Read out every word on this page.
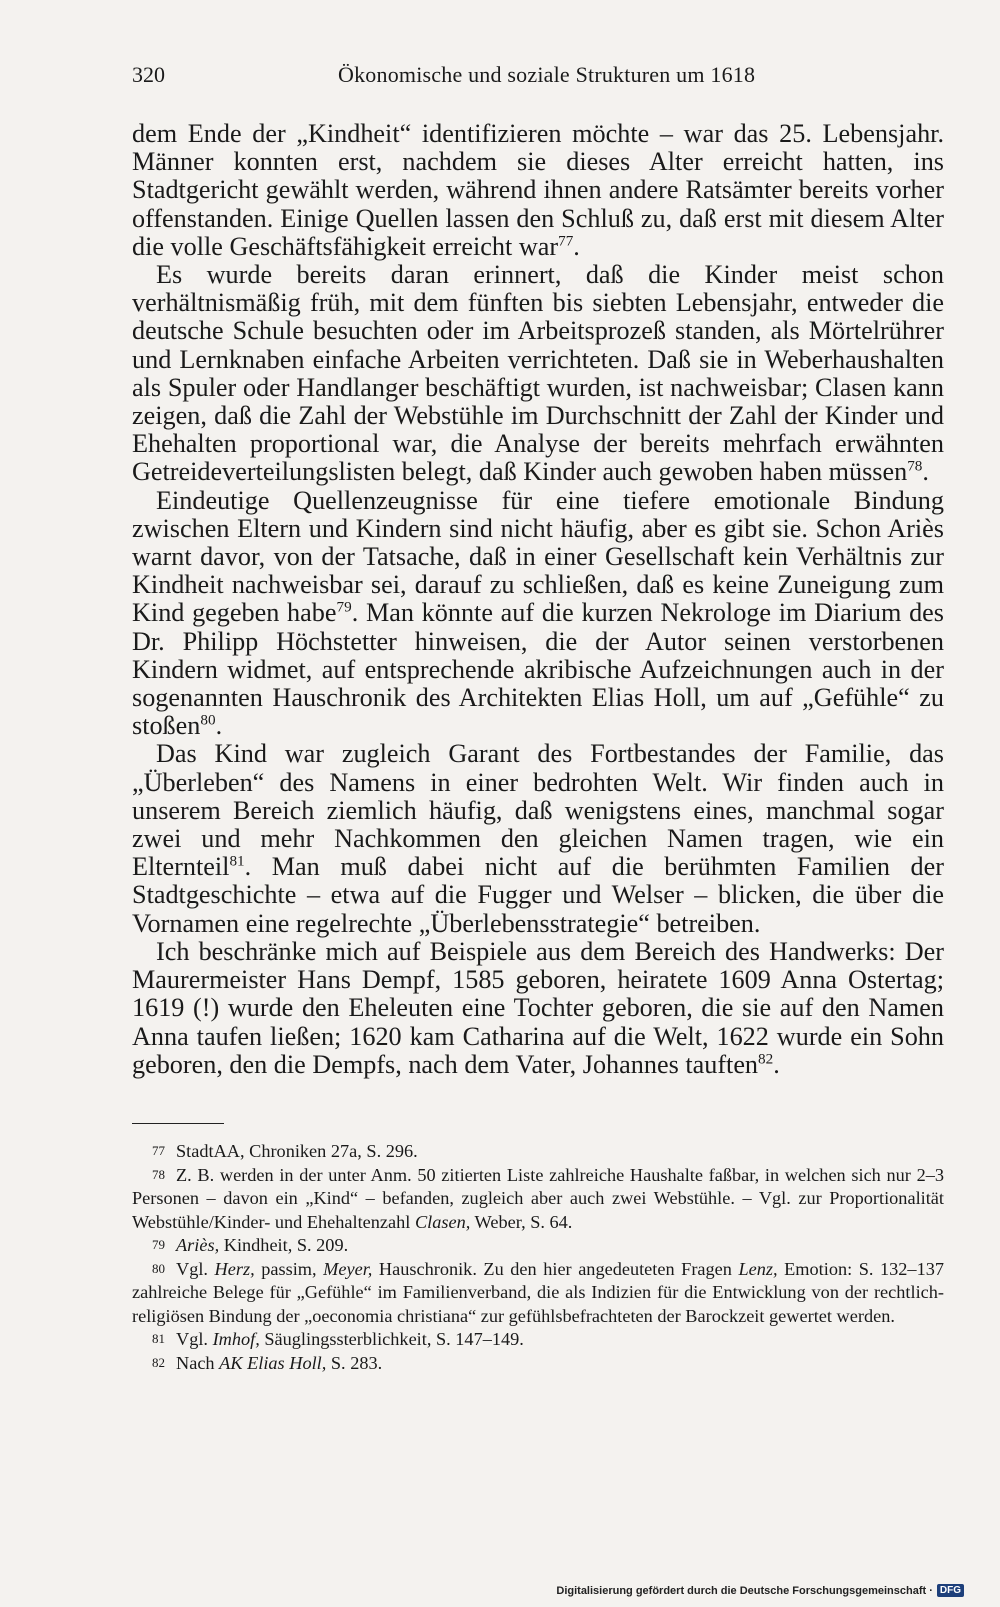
320	Ökonomische und soziale Strukturen um 1618

dem Ende der „Kindheit“ identifizieren möchte – war das 25. Lebensjahr. Männer konnten erst, nachdem sie dieses Alter erreicht hatten, ins Stadtgericht gewählt werden, während ihnen andere Ratsämter bereits vorher offenstanden. Einige Quellen lassen den Schluß zu, daß erst mit diesem Alter die volle Geschäftsfähigkeit erreicht war$^{77}$.

Es wurde bereits daran erinnert, daß die Kinder meist schon verhältnismäßig früh, mit dem fünften bis siebten Lebensjahr, entweder die deutsche Schule besuchten oder im Arbeitsprozeß standen, als Mörtelrührer und Lernknaben einfache Arbeiten verrichteten. Daß sie in Weberhaushalten als Spuler oder Handlanger beschäftigt wurden, ist nachweisbar; Clasen kann zeigen, daß die Zahl der Webstühle im Durchschnitt der Zahl der Kinder und Ehehalten proportional war, die Analyse der bereits mehrfach erwähnten Getreideverteilungslisten belegt, daß Kinder auch gewoben haben müssen$^{78}$.

Eindeutige Quellenzeugnisse für eine tiefere emotionale Bindung zwischen Eltern und Kindern sind nicht häufig, aber es gibt sie. Schon Ariès warnt davor, von der Tatsache, daß in einer Gesellschaft kein Verhältnis zur Kindheit nachweisbar sei, darauf zu schließen, daß es keine Zuneigung zum Kind gegeben habe$^{79}$. Man könnte auf die kurzen Nekrologe im Diarium des Dr. Philipp Höchstetter hinweisen, die der Autor seinen verstorbenen Kindern widmet, auf entsprechende akribische Aufzeichnungen auch in der sogenannten Hauschronik des Architekten Elias Holl, um auf „Gefühle“ zu stoßen$^{80}$.

Das Kind war zugleich Garant des Fortbestandes der Familie, das „Überleben“ des Namens in einer bedrohten Welt. Wir finden auch in unserem Bereich ziemlich häufig, daß wenigstens eines, manchmal sogar zwei und mehr Nachkommen den gleichen Namen tragen, wie ein Elternteil$^{81}$. Man muß dabei nicht auf die berühmten Familien der Stadtgeschichte – etwa auf die Fugger und Welser – blicken, die über die Vornamen eine regelrechte „Überlebensstrategie“ betreiben.

Ich beschränke mich auf Beispiele aus dem Bereich des Handwerks: Der Maurermeister Hans Dempf, 1585 geboren, heiratete 1609 Anna Ostertag; 1619 (!) wurde den Eheleuten eine Tochter geboren, die sie auf den Namen Anna taufen ließen; 1620 kam Catharina auf die Welt, 1622 wurde ein Sohn geboren, den die Dempfs, nach dem Vater, Johannes tauften$^{82}$.

77 StadtAA, Chroniken 27a, S. 296.

78 Z. B. werden in der unter Anm. 50 zitierten Liste zahlreiche Haushalte faßbar, in welchen sich nur 2–3 Personen – davon ein „Kind“ – befanden, zugleich aber auch zwei Webstühle. – Vgl. zur Proportionalität Webstühle/Kinder- und Ehehaltenzahl Clasen, Weber, S. 64.

79 Ariès, Kindheit, S. 209.

80 Vgl. Herz, passim, Meyer, Hauschronik. Zu den hier angedeuteten Fragen Lenz, Emotion: S. 132–137 zahlreiche Belege für „Gefühle“ im Familienverband, die als Indizien für die Entwicklung von der rechtlich-religiösen Bindung der „oeconomia christiana“ zur gefühlsbefrachteten der Barockzeit gewertet werden.

81 Vgl. Imhof, Säuglingssterblichkeit, S. 147–149.

82 Nach AK Elias Holl, S. 283.

Digitalisierung gefördert durch die Deutsche Forschungsgemeinschaft · DFG
